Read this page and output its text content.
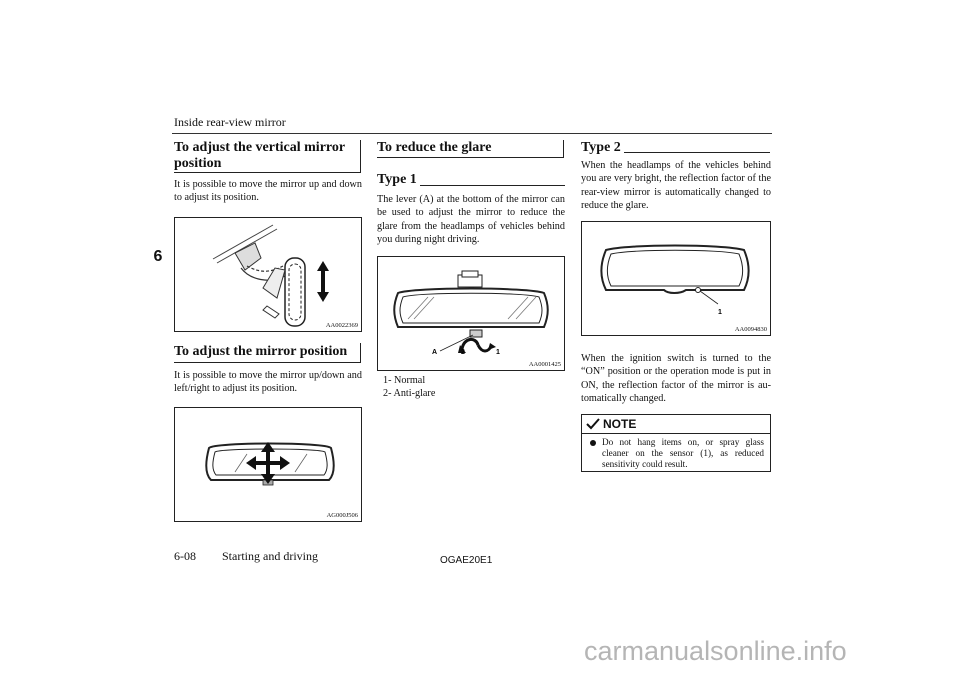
Inside rear-view mirror
6
To adjust the vertical mirror
position
It is possible to move the mirror up and down to adjust its position.
AA0022369
To adjust the mirror position
It is possible to move the mirror up/down and left/right to adjust its position.
AG000J506
To reduce the glare
Type 1
The lever (A) at the bottom of the mirror can be used to adjust the mirror to reduce the glare from the headlamps of vehicles behind you during night driving.
A	2	1
AA0001425
1- Normal
2- Anti-glare
Type 2
When the headlamps of the vehicles behind you are very bright, the reflection factor of the rear-view mirror is automatically changed to reduce the glare.
1
AA0094830
When the ignition switch is turned to the “ON” position or the operation mode is put in ON, the reflection factor of the mirror is au-tomatically changed.
NOTE
Do not hang items on, or spray glass cleaner on the sensor (1), as reduced sensitivity could result.
6-08 Starting and driving	OGAE20E1
carmanualsonline.info
